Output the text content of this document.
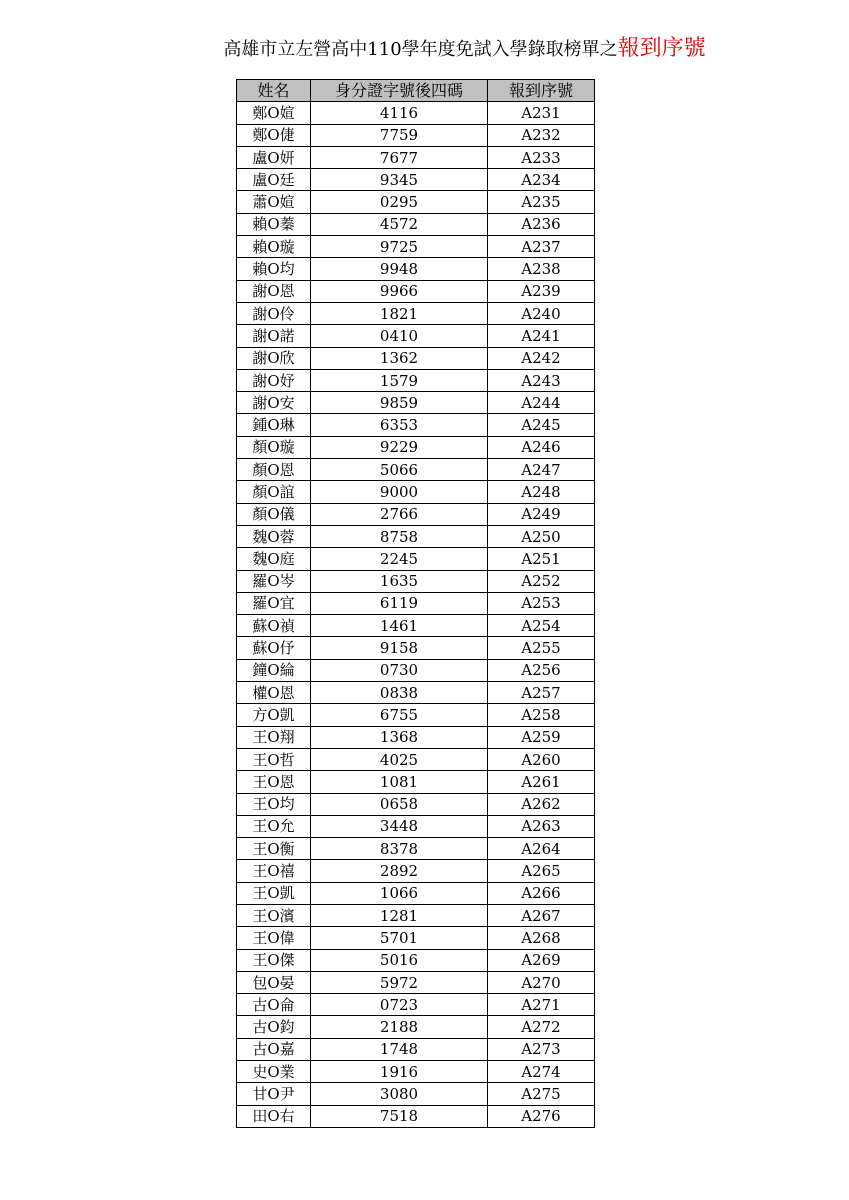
高雄市立左營高中110學年度免試入學錄取榜單之報到序號
姓名	身分證字號後四碼	報到序號
鄭O媗	4116	A231
鄭O倢	7759	A232
盧O妍	7677	A233
盧O廷	9345	A234
蕭O媗	0295	A235
賴O蓁	4572	A236
賴O璇	9725	A237
賴O均	9948	A238
謝O恩	9966	A239
謝O伶	1821	A240
謝O諾	0410	A241
謝O欣	1362	A242
謝O妤	1579	A243
謝O安	9859	A244
鍾O琳	6353	A245
顏O璇	9229	A246
顏O恩	5066	A247
顏O誼	9000	A248
顏O儀	2766	A249
魏O蓉	8758	A250
魏O庭	2245	A251
羅O岑	1635	A252
羅O宜	6119	A253
蘇O禎	1461	A254
蘇O伃	9158	A255
鐘O綸	0730	A256
權O恩	0838	A257
方O凱	6755	A258
王O翔	1368	A259
王O哲	4025	A260
王O恩	1081	A261
王O均	0658	A262
王O允	3448	A263
王O衡	8378	A264
王O禧	2892	A265
王O凱	1066	A266
王O濱	1281	A267
王O偉	5701	A268
王O傑	5016	A269
包O晏	5972	A270
古O侖	0723	A271
古O鈞	2188	A272
古O嘉	1748	A273
史O業	1916	A274
甘O尹	3080	A275
田O右	7518	A276
